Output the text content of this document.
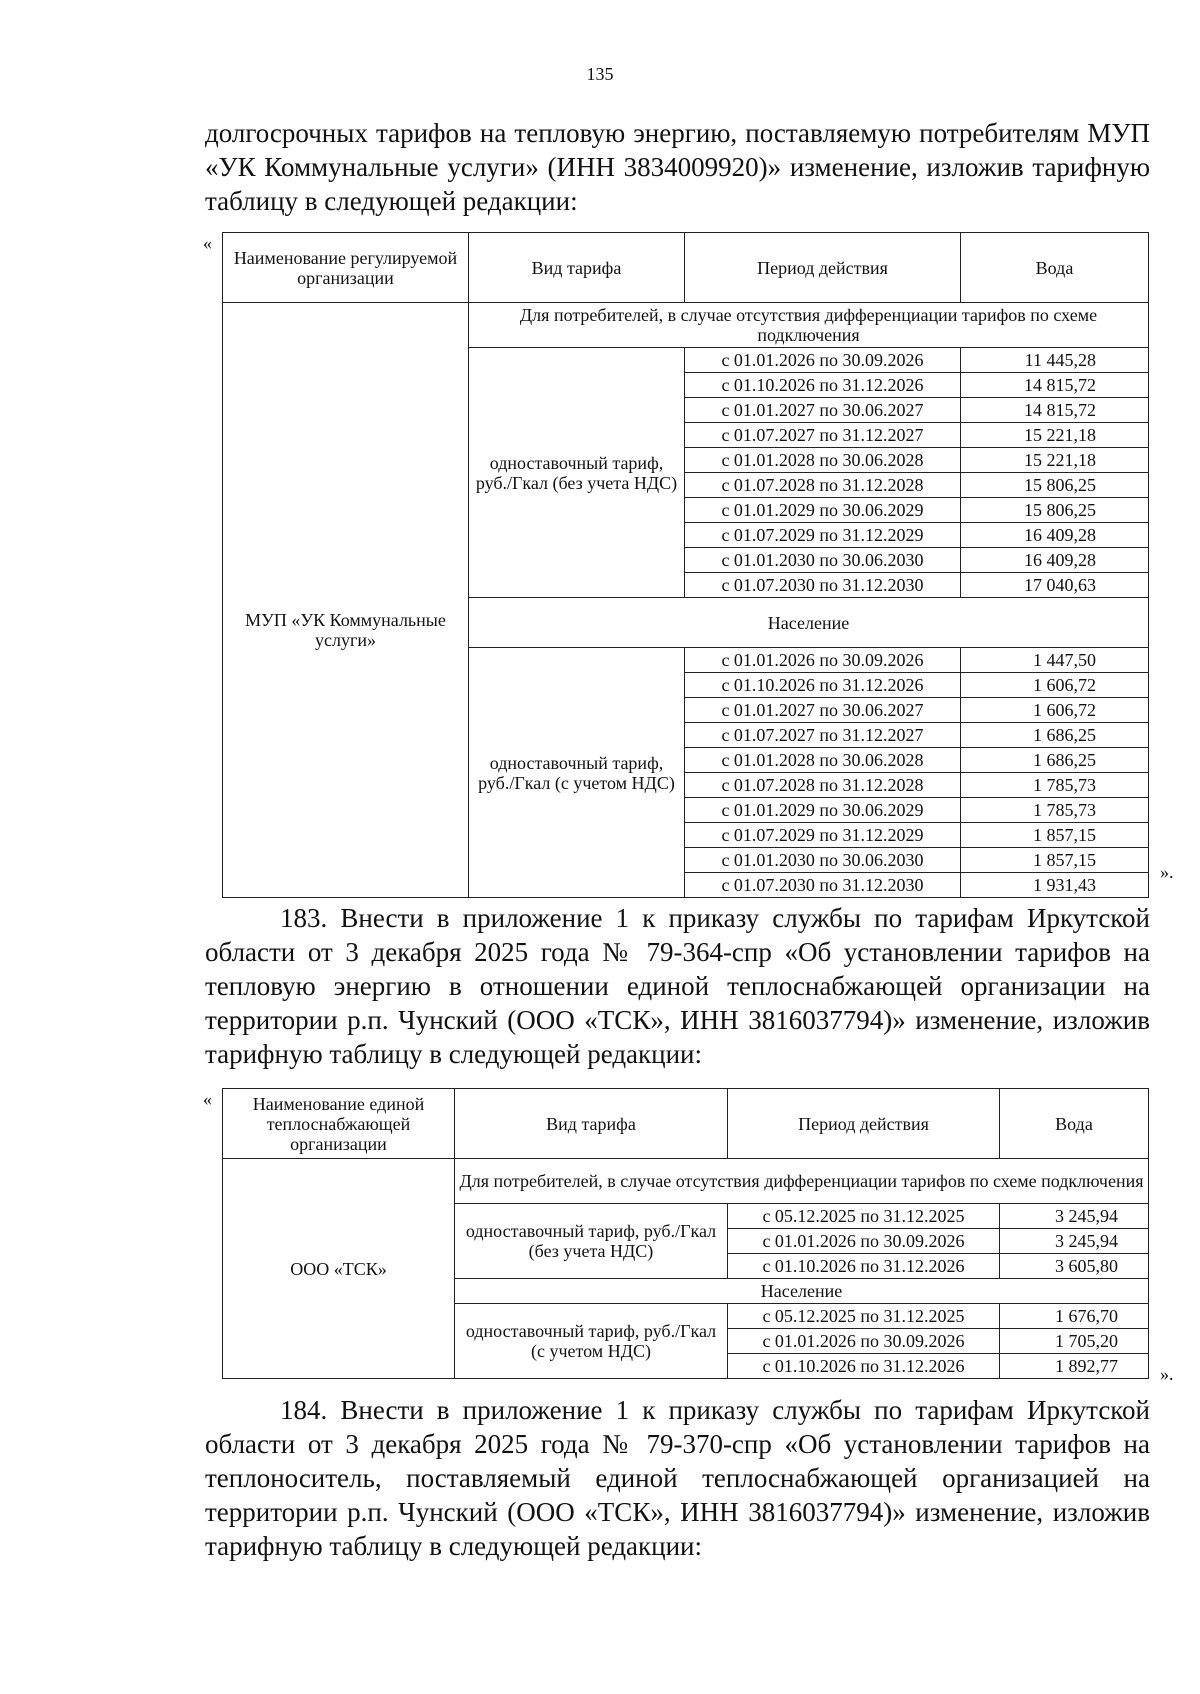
135
долгосрочных тарифов на тепловую энергию, поставляемую потребителям МУП «УК Коммунальные услуги» (ИНН 3834009920)» изменение, изложив тарифную таблицу в следующей редакции:
«
Наименование регулируемой организации	Вид тарифа	Период действия	Вода
МУП «УК Коммунальные услуги»	Для потребителей, в случае отсутствия дифференциации тарифов по схеме подключения		
	одноставочный тариф, руб./Гкал (без учета НДС)	с 01.01.2026 по 30.09.2026	11 445,28
		с 01.10.2026 по 31.12.2026	14 815,72
		с 01.01.2027 по 30.06.2027	14 815,72
		с 01.07.2027 по 31.12.2027	15 221,18
		с 01.01.2028 по 30.06.2028	15 221,18
		с 01.07.2028 по 31.12.2028	15 806,25
		с 01.01.2029 по 30.06.2029	15 806,25
		с 01.07.2029 по 31.12.2029	16 409,28
		с 01.01.2030 по 30.06.2030	16 409,28
		с 01.07.2030 по 31.12.2030	17 040,63
	Население		
	одноставочный тариф, руб./Гкал (с учетом НДС)	с 01.01.2026 по 30.09.2026	1 447,50
		с 01.10.2026 по 31.12.2026	1 606,72
		с 01.01.2027 по 30.06.2027	1 606,72
		с 01.07.2027 по 31.12.2027	1 686,25
		с 01.01.2028 по 30.06.2028	1 686,25
		с 01.07.2028 по 31.12.2028	1 785,73
		с 01.01.2029 по 30.06.2029	1 785,73
		с 01.07.2029 по 31.12.2029	1 857,15
		с 01.01.2030 по 30.06.2030	1 857,15
		с 01.07.2030 по 31.12.2030	1 931,43
».
183. Внести в приложение 1 к приказу службы по тарифам Иркутской области от 3 декабря 2025 года № 79-364-спр «Об установлении тарифов на тепловую энергию в отношении единой теплоснабжающей организации на территории р.п. Чунский (ООО «ТСК», ИНН 3816037794)» изменение, изложив тарифную таблицу в следующей редакции:
« Наименование единой теплоснабжающей организации	Вид тарифа	Период действия	Вода
ООО «ТСК»	Для потребителей, в случае отсутствия дифференциации тарифов по схеме подключения		
	одноставочный тариф, руб./Гкал (без учета НДС)	с 05.12.2025 по 31.12.2025	3 245,94
		с 01.01.2026 по 30.09.2026	3 245,94
		с 01.10.2026 по 31.12.2026	3 605,80
	Население		
	одноставочный тариф, руб./Гкал (с учетом НДС)	с 05.12.2025 по 31.12.2025	1 676,70
		с 01.01.2026 по 30.09.2026	1 705,20
		с 01.10.2026 по 31.12.2026	1 892,77 ».
184. Внести в приложение 1 к приказу службы по тарифам Иркутской области от 3 декабря 2025 года № 79-370-спр «Об установлении тарифов на теплоноситель, поставляемый единой теплоснабжающей организацией на территории р.п. Чунский (ООО «ТСК», ИНН 3816037794)» изменение, изложив тарифную таблицу в следующей редакции:
